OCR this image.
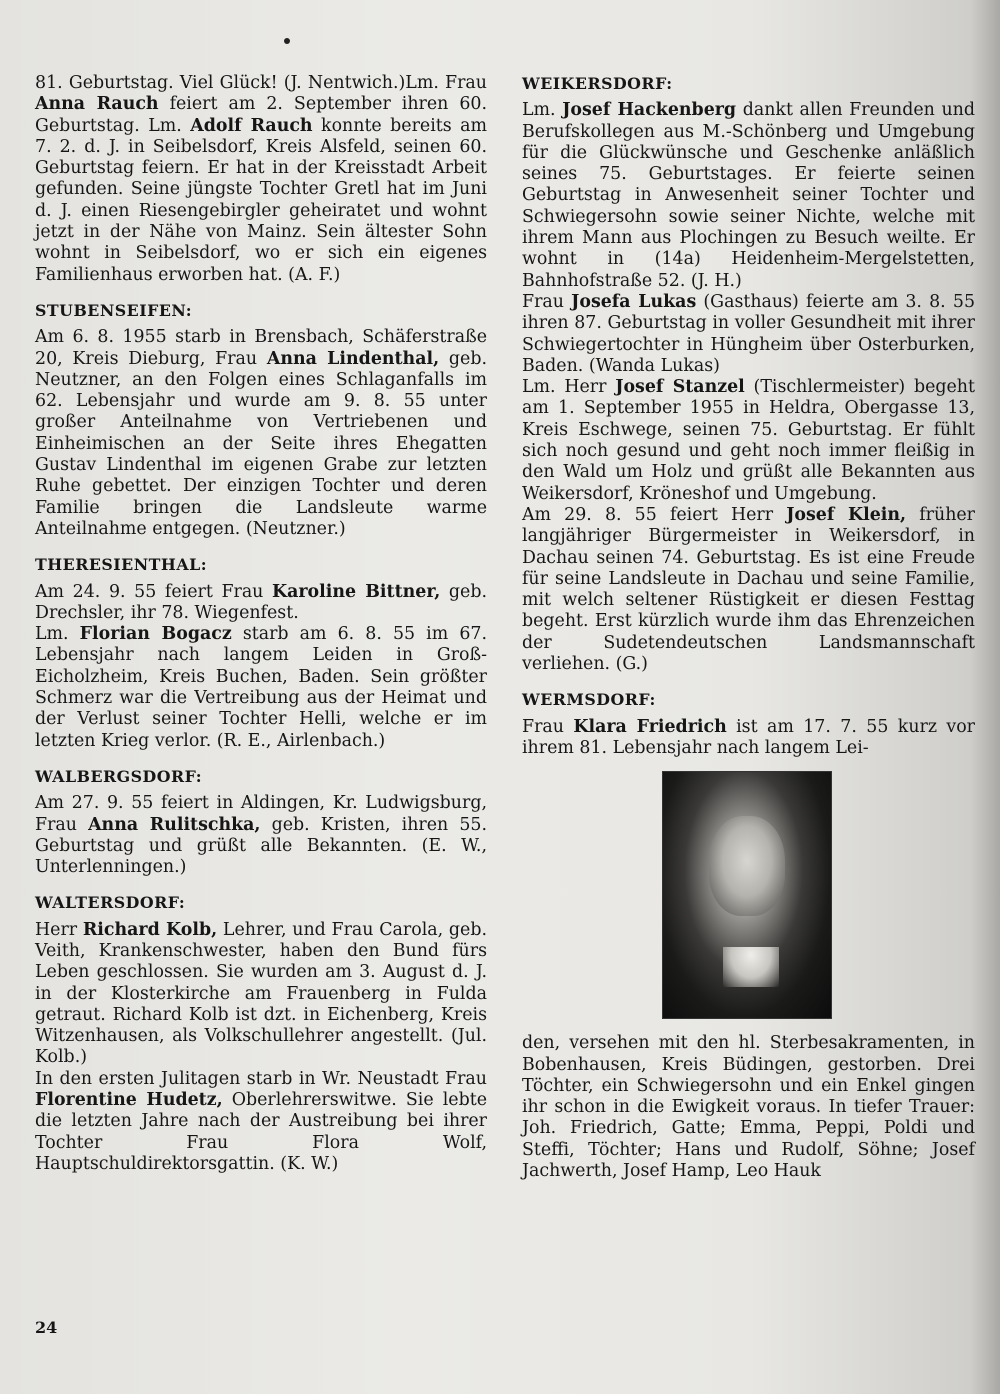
81. Geburtstag. Viel Glück! (J. Nentwich.)Lm. Frau Anna Rauch feiert am 2. September ihren 60. Geburtstag. Lm. Adolf Rauch konnte bereits am 7. 2. d. J. in Seibelsdorf, Kreis Alsfeld, seinen 60. Geburtstag feiern. Er hat in der Kreisstadt Arbeit gefunden. Seine jüngste Tochter Gretl hat im Juni d. J. einen Riesengebirgler geheiratet und wohnt jetzt in der Nähe von Mainz. Sein ältester Sohn wohnt in Seibelsdorf, wo er sich ein eigenes Familienhaus erworben hat. (A. F.)

STUBENSEIFEN:

Am 6. 8. 1955 starb in Brensbach, Schäferstraße 20, Kreis Dieburg, Frau Anna Lindenthal, geb. Neutzner, an den Folgen eines Schlaganfalls im 62. Lebensjahr und wurde am 9. 8. 55 unter großer Anteilnahme von Vertriebenen und Einheimischen an der Seite ihres Ehegatten Gustav Lindenthal im eigenen Grabe zur letzten Ruhe gebettet. Der einzigen Tochter und deren Familie bringen die Landsleute warme Anteilnahme entgegen. (Neutzner.)

THERESIENTHAL:

Am 24. 9. 55 feiert Frau Karoline Bittner, geb. Drechsler, ihr 78. Wiegenfest.

Lm. Florian Bogacz starb am 6. 8. 55 im 67. Lebensjahr nach langem Leiden in Groß-Eicholzheim, Kreis Buchen, Baden. Sein größter Schmerz war die Vertreibung aus der Heimat und der Verlust seiner Tochter Helli, welche er im letzten Krieg verlor. (R. E., Airlenbach.)

WALBERGSDORF:

Am 27. 9. 55 feiert in Aldingen, Kr. Ludwigsburg, Frau Anna Rulitschka, geb. Kristen, ihren 55. Geburtstag und grüßt alle Bekannten. (E. W., Unterlenningen.)

WALTERSDORF:

Herr Richard Kolb, Lehrer, und Frau Carola, geb. Veith, Krankenschwester, haben den Bund fürs Leben geschlossen. Sie wurden am 3. August d. J. in der Klosterkirche am Frauenberg in Fulda getraut. Richard Kolb ist dzt. in Eichenberg, Kreis Witzenhausen, als Volkschullehrer angestellt. (Jul. Kolb.)

In den ersten Julitagen starb in Wr. Neustadt Frau Florentine Hudetz, Oberlehrerswitwe. Sie lebte die letzten Jahre nach der Austreibung bei ihrer Tochter Frau Flora Wolf, Hauptschuldirektorsgattin. (K. W.)

WEIKERSDORF:

Lm. Josef Hackenberg dankt allen Freunden und Berufskollegen aus M.-Schönberg und Umgebung für die Glückwünsche und Geschenke anläßlich seines 75. Geburtstages. Er feierte seinen Geburtstag in Anwesenheit seiner Tochter und Schwiegersohn sowie seiner Nichte, welche mit ihrem Mann aus Plochingen zu Besuch weilte. Er wohnt in (14a) Heidenheim-Mergelstetten, Bahnhofstraße 52. (J. H.)

Frau Josefa Lukas (Gasthaus) feierte am 3. 8. 55 ihren 87. Geburtstag in voller Gesundheit mit ihrer Schwiegertochter in Hüngheim über Osterburken, Baden. (Wanda Lukas)

Lm. Herr Josef Stanzel (Tischlermeister) begeht am 1. September 1955 in Heldra, Obergasse 13, Kreis Eschwege, seinen 75. Geburtstag. Er fühlt sich noch gesund und geht noch immer fleißig in den Wald um Holz und grüßt alle Bekannten aus Weikersdorf, Kröneshof und Umgebung.

Am 29. 8. 55 feiert Herr Josef Klein, früher langjähriger Bürgermeister in Weikersdorf, in Dachau seinen 74. Geburtstag. Es ist eine Freude für seine Landsleute in Dachau und seine Familie, mit welch seltener Rüstigkeit er diesen Festtag begeht. Erst kürzlich wurde ihm das Ehrenzeichen der Sudetendeutschen Landsmannschaft verliehen. (G.)

WERMSDORF:

Frau Klara Friedrich ist am 17. 7. 55 kurz vor ihrem 81. Lebensjahr nach langem Lei-

den, versehen mit den hl. Sterbesakramenten, in Bobenhausen, Kreis Büdingen, gestorben. Drei Töchter, ein Schwiegersohn und ein Enkel gingen ihr schon in die Ewigkeit voraus. In tiefer Trauer: Joh. Friedrich, Gatte; Emma, Peppi, Poldi und Steffi, Töchter; Hans und Rudolf, Söhne; Josef Jachwerth, Josef Hamp, Leo Hauk

24
